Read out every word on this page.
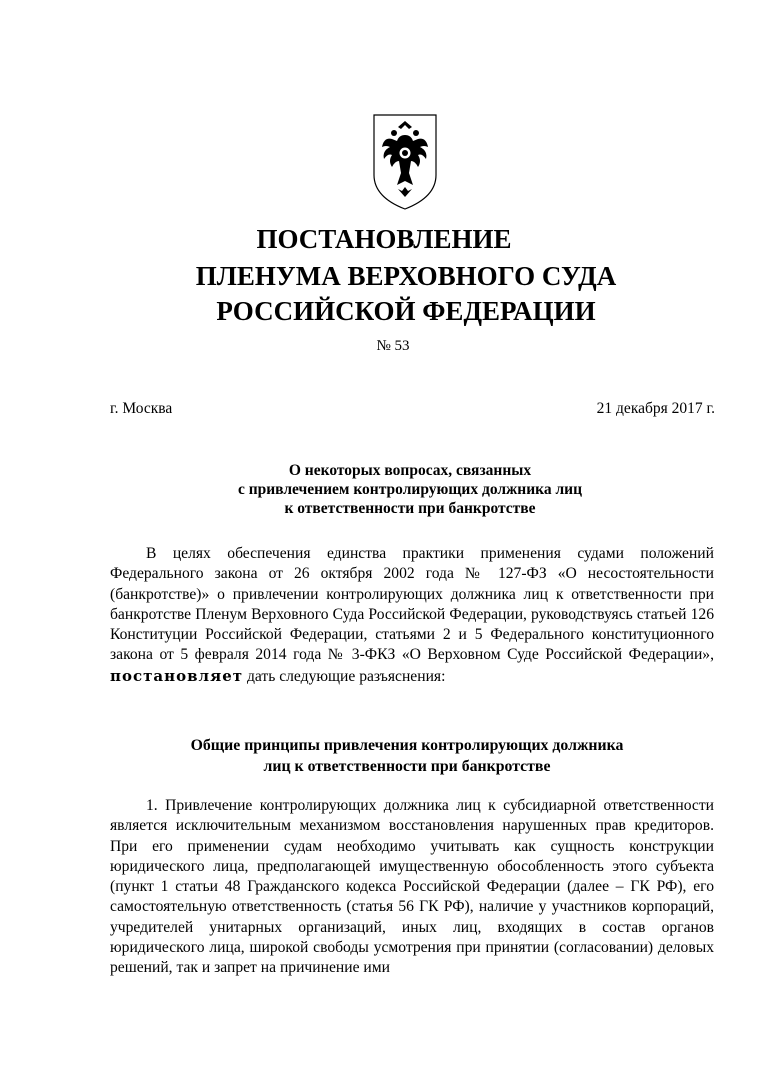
ПОСТАНОВЛЕНИЕ
ПЛЕНУМА ВЕРХОВНОГО СУДА
РОССИЙСКОЙ ФЕДЕРАЦИИ
№ 53
г. Москва	21 декабря 2017 г.
О некоторых вопросах, связанных
с привлечением контролирующих должника лиц
к ответственности при банкротстве

В целях обеспечения единства практики применения судами положений Федерального закона от 26 октября 2002 года № 127-ФЗ «О несостоятельности (банкротстве)» о привлечении контролирующих должника лиц к ответственности при банкротстве Пленум Верховного Суда Российской Федерации, руководствуясь статьей 126 Конституции Российской Федерации, статьями 2 и 5 Федерального конституционного закона от 5 февраля 2014 года № 3-ФКЗ «О Верховном Суде Российской Федерации», постановляет дать следующие разъяснения:

Общие принципы привлечения контролирующих должника
лиц к ответственности при банкротстве

1. Привлечение контролирующих должника лиц к субсидиарной ответственности является исключительным механизмом восстановления нарушенных прав кредиторов. При его применении судам необходимо учитывать как сущность конструкции юридического лица, предполагающей имущественную обособленность этого субъекта (пункт 1 статьи 48 Гражданского кодекса Российской Федерации (далее – ГК РФ), его самостоятельную ответственность (статья 56 ГК РФ), наличие у участников корпораций, учредителей унитарных организаций, иных лиц, входящих в состав органов юридического лица, широкой свободы усмотрения при принятии (согласовании) деловых решений, так и запрет на причинение ими
